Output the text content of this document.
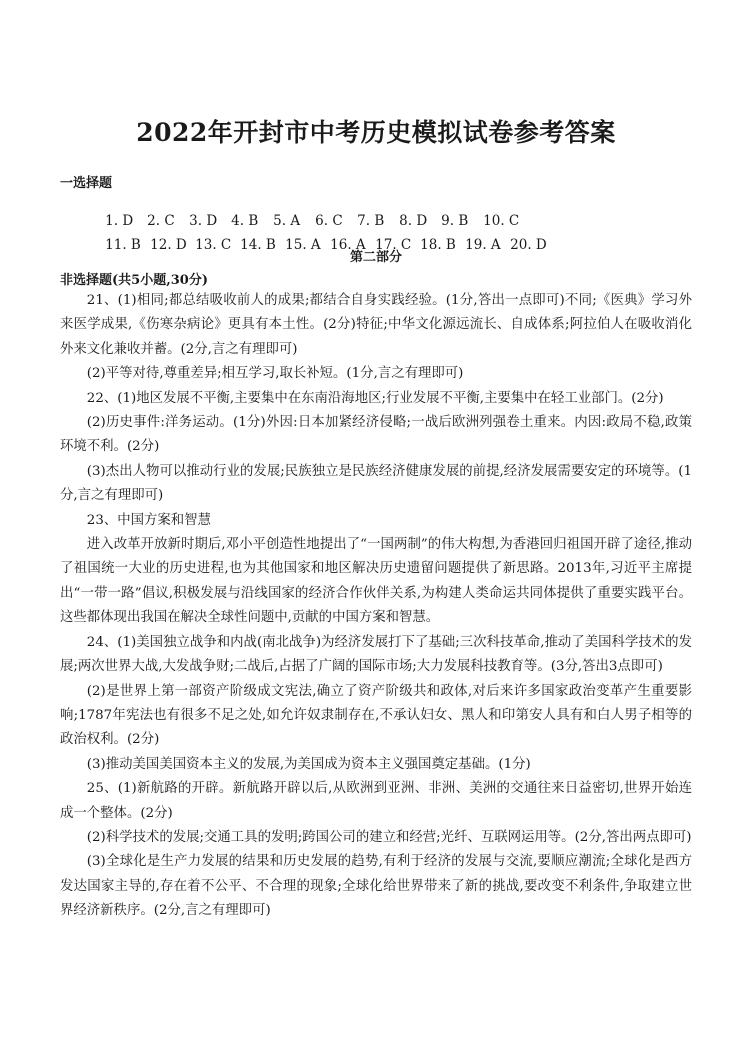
2022年开封市中考历史模拟试卷参考答案
一选择题

1. D 2. C 3. D 4. B 5. A 6. C 7. B 8. D 9. B 10. C

11. B 12. D 13. C 14. B 15. A 16. A 17. C 18. B 19. A 20. D

第二部分
非选择题(共5小题,30分)

21、(1)相同;都总结吸收前人的成果;都结合自身实践经验。(1分,答出一点即可)不同;《医典》学习外来医学成果,《伤寒杂病论》更具有本土性。(2分)特征;中华文化源远流长、自成体系;阿拉伯人在吸收消化外来文化兼收并蓄。(2分,言之有理即可)

(2)平等对待,尊重差异;相互学习,取长补短。(1分,言之有理即可)

22、(1)地区发展不平衡,主要集中在东南沿海地区;行业发展不平衡,主要集中在轻工业部门。(2分)

(2)历史事件:洋务运动。(1分)外因:日本加紧经济侵略;一战后欧洲列强卷土重来。内因:政局不稳,政策环境不利。(2分)

(3)杰出人物可以推动行业的发展;民族独立是民族经济健康发展的前提,经济发展需要安定的环境等。(1分,言之有理即可)

23、中国方案和智慧

进入改革开放新时期后,邓小平创造性地提出了“一国两制”的伟大构想,为香港回归祖国开辟了途径,推动了祖国统一大业的历史进程,也为其他国家和地区解决历史遗留问题提供了新思路。2013年,习近平主席提出“一带一路”倡议,积极发展与沿线国家的经济合作伙伴关系,为构建人类命运共同体提供了重要实践平台。这些都体现出我国在解决全球性问题中,贡献的中国方案和智慧。

24、(1)美国独立战争和内战(南北战争)为经济发展打下了基础;三次科技革命,推动了美国科学技术的发展;两次世界大战,大发战争财;二战后,占据了广阔的国际市场;大力发展科技教育等。(3分,答出3点即可)

(2)是世界上第一部资产阶级成文宪法,确立了资产阶级共和政体,对后来许多国家政治变革产生重要影响;1787年宪法也有很多不足之处,如允许奴隶制存在,不承认妇女、黑人和印第安人具有和白人男子相等的政治权利。(2分)

(3)推动美国美国资本主义的发展,为美国成为资本主义强国奠定基础。(1分)

25、(1)新航路的开辟。新航路开辟以后,从欧洲到亚洲、非洲、美洲的交通往来日益密切,世界开始连成一个整体。(2分)

(2)科学技术的发展;交通工具的发明;跨国公司的建立和经营;光纤、互联网运用等。(2分,答出两点即可)

(3)全球化是生产力发展的结果和历史发展的趋势,有利于经济的发展与交流,要顺应潮流;全球化是西方发达国家主导的,存在着不公平、不合理的现象;全球化给世界带来了新的挑战,要改变不利条件,争取建立世界经济新秩序。(2分,言之有理即可)
